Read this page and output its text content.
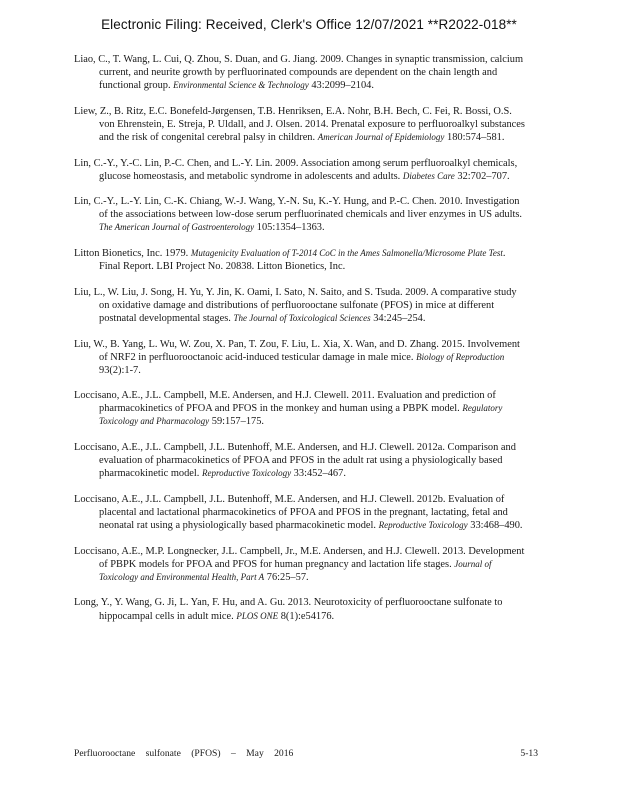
Electronic Filing: Received, Clerk's Office 12/07/2021 **R2022-018**

Liao, C., T. Wang, L. Cui, Q. Zhou, S. Duan, and G. Jiang. 2009. Changes in synaptic transmission, calcium current, and neurite growth by perfluorinated compounds are dependent on the chain length and functional group. Environmental Science & Technology 43:2099–2104.

Liew, Z., B. Ritz, E.C. Bonefeld-Jørgensen, T.B. Henriksen, E.A. Nohr, B.H. Bech, C. Fei, R. Bossi, O.S. von Ehrenstein, E. Streja, P. Uldall, and J. Olsen. 2014. Prenatal exposure to perfluoroalkyl substances and the risk of congenital cerebral palsy in children. American Journal of Epidemiology 180:574–581.

Lin, C.-Y., Y.-C. Lin, P.-C. Chen, and L.-Y. Lin. 2009. Association among serum perfluoroalkyl chemicals, glucose homeostasis, and metabolic syndrome in adolescents and adults. Diabetes Care 32:702–707.

Lin, C.-Y., L.-Y. Lin, C.-K. Chiang, W.-J. Wang, Y.-N. Su, K.-Y. Hung, and P.-C. Chen. 2010. Investigation of the associations between low-dose serum perfluorinated chemicals and liver enzymes in US adults. The American Journal of Gastroenterology 105:1354–1363.

Litton Bionetics, Inc. 1979. Mutagenicity Evaluation of T-2014 CoC in the Ames Salmonella/Microsome Plate Test. Final Report. LBI Project No. 20838. Litton Bionetics, Inc.

Liu, L., W. Liu, J. Song, H. Yu, Y. Jin, K. Oami, I. Sato, N. Saito, and S. Tsuda. 2009. A comparative study on oxidative damage and distributions of perfluorooctane sulfonate (PFOS) in mice at different postnatal developmental stages. The Journal of Toxicological Sciences 34:245–254.

Liu, W., B. Yang, L. Wu, W. Zou, X. Pan, T. Zou, F. Liu, L. Xia, X. Wan, and D. Zhang. 2015. Involvement of NRF2 in perfluorooctanoic acid-induced testicular damage in male mice. Biology of Reproduction 93(2):1-7.

Loccisano, A.E., J.L. Campbell, M.E. Andersen, and H.J. Clewell. 2011. Evaluation and prediction of pharmacokinetics of PFOA and PFOS in the monkey and human using a PBPK model. Regulatory Toxicology and Pharmacology 59:157–175.

Loccisano, A.E., J.L. Campbell, J.L. Butenhoff, M.E. Andersen, and H.J. Clewell. 2012a. Comparison and evaluation of pharmacokinetics of PFOA and PFOS in the adult rat using a physiologically based pharmacokinetic model. Reproductive Toxicology 33:452–467.

Loccisano, A.E., J.L. Campbell, J.L. Butenhoff, M.E. Andersen, and H.J. Clewell. 2012b. Evaluation of placental and lactational pharmacokinetics of PFOA and PFOS in the pregnant, lactating, fetal and neonatal rat using a physiologically based pharmacokinetic model. Reproductive Toxicology 33:468–490.

Loccisano, A.E., M.P. Longnecker, J.L. Campbell, Jr., M.E. Andersen, and H.J. Clewell. 2013. Development of PBPK models for PFOA and PFOS for human pregnancy and lactation life stages. Journal of Toxicology and Environmental Health, Part A 76:25–57.

Long, Y., Y. Wang, G. Ji, L. Yan, F. Hu, and A. Gu. 2013. Neurotoxicity of perfluorooctane sulfonate to hippocampal cells in adult mice. PLOS ONE 8(1):e54176.

Perfluorooctane sulfonate (PFOS) – May 2016	5-13
